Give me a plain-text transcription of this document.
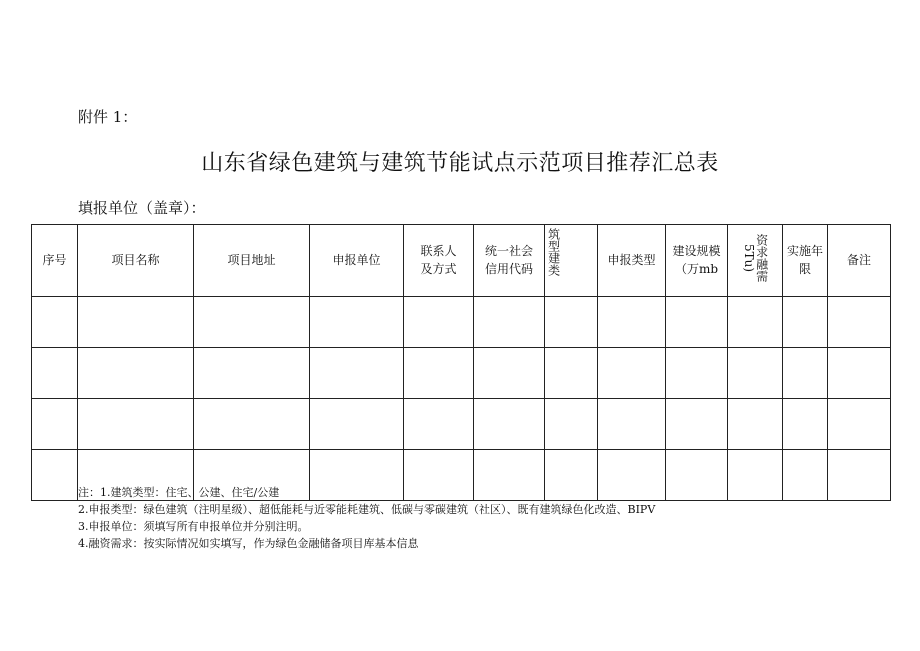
附件 1：
山东省绿色建筑与建筑节能试点示范项目推荐汇总表
填报单位（盖章）：
序号	项目名称	项目地址	申报单位	联系人及方式	统一社会信用代码	筑型建类	申报类型	建设规模（万mb	资求融需5Tu)	实施年限	备注

注：1.建筑类型：住宅、公建、住宅/公建
2.申报类型：绿色建筑（注明星级）、超低能耗与近零能耗建筑、低碳与零碳建筑（社区）、既有建筑绿色化改造、BIPV
3.申报单位：须填写所有申报单位并分别注明。
4.融资需求：按实际情况如实填写，作为绿色金融储备项目库基本信息
